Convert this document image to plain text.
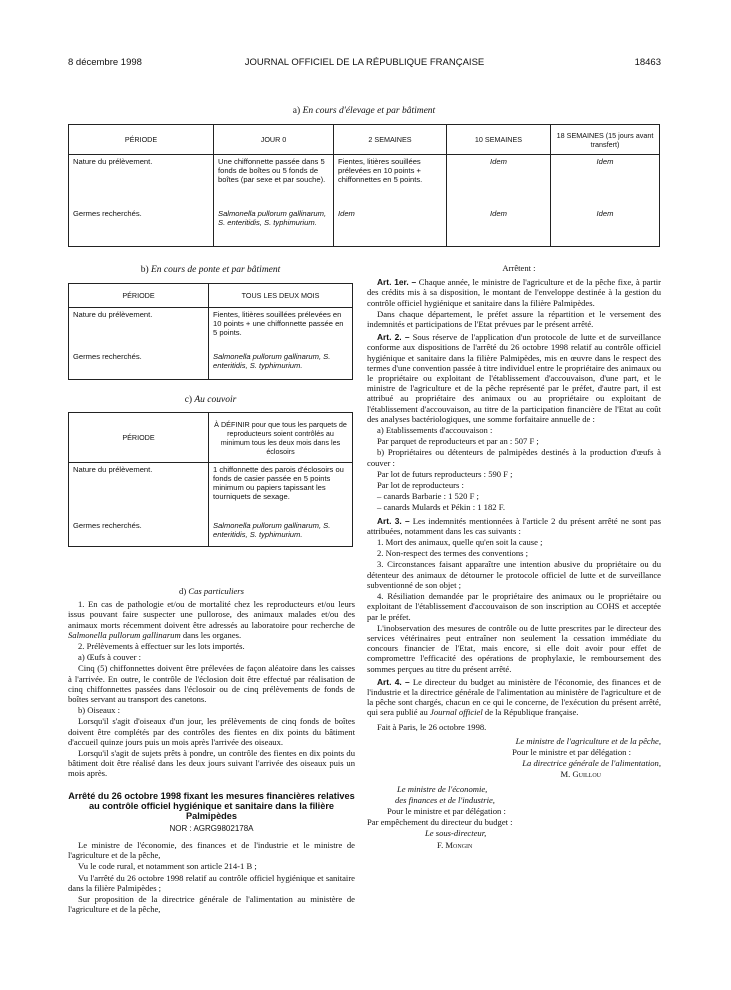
8 décembre 1998	JOURNAL OFFICIEL DE LA RÉPUBLIQUE FRANÇAISE	18463
a) En cours d'élevage et par bâtiment
PÉRIODE	JOUR 0	2 SEMAINES	10 SEMAINES	18 SEMAINES (15 jours avant transfert)
Nature du prélèvement.	Une chiffonnette passée dans 5 fonds de boîtes ou 5 fonds de boîtes (par sexe et par souche).	Fientes, litières souillées prélevées en 10 points + chiffonnettes en 5 points.	Idem	Idem
Germes recherchés.	Salmonella pullorum gallinarum, S. enteritidis, S. typhimurium.	Idem	Idem	Idem
b) En cours de ponte et par bâtiment
PÉRIODE	TOUS LES DEUX MOIS
Nature du prélèvement.	Fientes, litières souillées prélevées en 10 points + une chiffonnette passée en 5 points.
Germes recherchés.	Salmonella pullorum gallinarum, S. enteritidis, S. typhimurium.
c) Au couvoir
PÉRIODE	À DÉFINIR pour que tous les parquets de reproducteurs soient contrôlés au minimum tous les deux mois dans les éclosoirs
Nature du prélèvement.	1 chiffonnette des parois d'éclosoirs ou fonds de casier passée en 5 points minimum ou papiers tapissant les tourniquets de sexage.
Germes recherchés.	Salmonella pullorum gallinarum, S. enteritidis, S. typhimurium.

d) Cas particuliers

1. En cas de pathologie et/ou de mortalité chez les reproducteurs et/ou leurs issus pouvant faire suspecter une pullorose, des animaux malades et/ou des animaux morts récemment doivent être adressés au laboratoire pour recherche de Salmonella pullorum gallinarum dans les organes.

2. Prélèvements à effectuer sur les lots importés.

a) Œufs à couver :

Cinq (5) chiffonnettes doivent être prélevées de façon aléatoire dans les caisses à l'arrivée. En outre, le contrôle de l'éclosion doit être effectué par réalisation de cinq chiffonnettes passées dans l'éclosoir ou de cinq prélèvements de fonds de boîtes servant au transport des canetons.

b) Oiseaux :

Lorsqu'il s'agit d'oiseaux d'un jour, les prélèvements de cinq fonds de boîtes doivent être complétés par des contrôles des fientes en dix points du bâtiment d'accueil quinze jours puis un mois après l'arrivée des oiseaux.

Lorsqu'il s'agit de sujets prêts à pondre, un contrôle des fientes en dix points du bâtiment doit être réalisé dans les deux jours suivant l'arrivée des oiseaux puis un mois après.

Arrêté du 26 octobre 1998 fixant les mesures financières relatives au contrôle officiel hygiénique et sanitaire dans la filière Palmipèdes

NOR : AGRG9802178A

Le ministre de l'économie, des finances et de l'industrie et le ministre de l'agriculture et de la pêche,

Vu le code rural, et notamment son article 214-1 B ;

Vu l'arrêté du 26 octobre 1998 relatif au contrôle officiel hygiénique et sanitaire dans la filière Palmipèdes ;

Sur proposition de la directrice générale de l'alimentation au ministère de l'agriculture et de la pêche,

Arrêtent :

Art. 1er. – Chaque année, le ministre de l'agriculture et de la pêche fixe, à partir des crédits mis à sa disposition, le montant de l'enveloppe destinée à la gestion du contrôle officiel hygiénique et sanitaire dans la filière Palmipèdes.

Dans chaque département, le préfet assure la répartition et le versement des indemnités et participations de l'Etat prévues par le présent arrêté.

Art. 2. – Sous réserve de l'application d'un protocole de lutte et de surveillance conforme aux dispositions de l'arrêté du 26 octobre 1998 relatif au contrôle officiel hygiénique et sanitaire dans la filière Palmipèdes, mis en œuvre dans le respect des termes d'une convention passée à titre individuel entre le propriétaire des animaux ou le propriétaire ou exploitant de l'établissement d'accouvaison, d'une part, et le ministre de l'agriculture et de la pêche représenté par le préfet, d'autre part, il est attribué au propriétaire des animaux ou au propriétaire ou exploitant de l'établissement d'accouvaison, au titre de la participation financière de l'Etat au coût des analyses bactériologiques, une somme forfaitaire annuelle de :

a) Etablissements d'accouvaison :

Par parquet de reproducteurs et par an : 507 F ;

b) Propriétaires ou détenteurs de palmipèdes destinés à la production d'œufs à couver :

Par lot de futurs reproducteurs : 590 F ;

Par lot de reproducteurs :

– canards Barbarie : 1 520 F ;

– canards Mulards et Pékin : 1 182 F.

Art. 3. – Les indemnités mentionnées à l'article 2 du présent arrêté ne sont pas attribuées, notamment dans les cas suivants :

1. Mort des animaux, quelle qu'en soit la cause ;

2. Non-respect des termes des conventions ;

3. Circonstances faisant apparaître une intention abusive du propriétaire ou du détenteur des animaux de détourner le protocole officiel de lutte et de surveillance subventionné de son objet ;

4. Résiliation demandée par le propriétaire des animaux ou le propriétaire ou exploitant de l'établissement d'accouvaison de son inscription au COHS et acceptée par le préfet.

L'inobservation des mesures de contrôle ou de lutte prescrites par le directeur des services vétérinaires peut entraîner non seulement la cessation immédiate du concours financier de l'Etat, mais encore, si elle doit avoir pour effet de compromettre l'efficacité des opérations de prophylaxie, le remboursement des sommes perçues au titre du présent arrêté.

Art. 4. – Le directeur du budget au ministère de l'économie, des finances et de l'industrie et la directrice générale de l'alimentation au ministère de l'agriculture et de la pêche sont chargés, chacun en ce qui le concerne, de l'exécution du présent arrêté, qui sera publié au Journal officiel de la République française.

Fait à Paris, le 26 octobre 1998.

Le ministre de l'agriculture et de la pêche,

Pour le ministre et par délégation :

La directrice générale de l'alimentation,

M. Guillou

Le ministre de l'économie,

des finances et de l'industrie,

Pour le ministre et par délégation :

Par empêchement du directeur du budget :

Le sous-directeur,

F. Mongin
